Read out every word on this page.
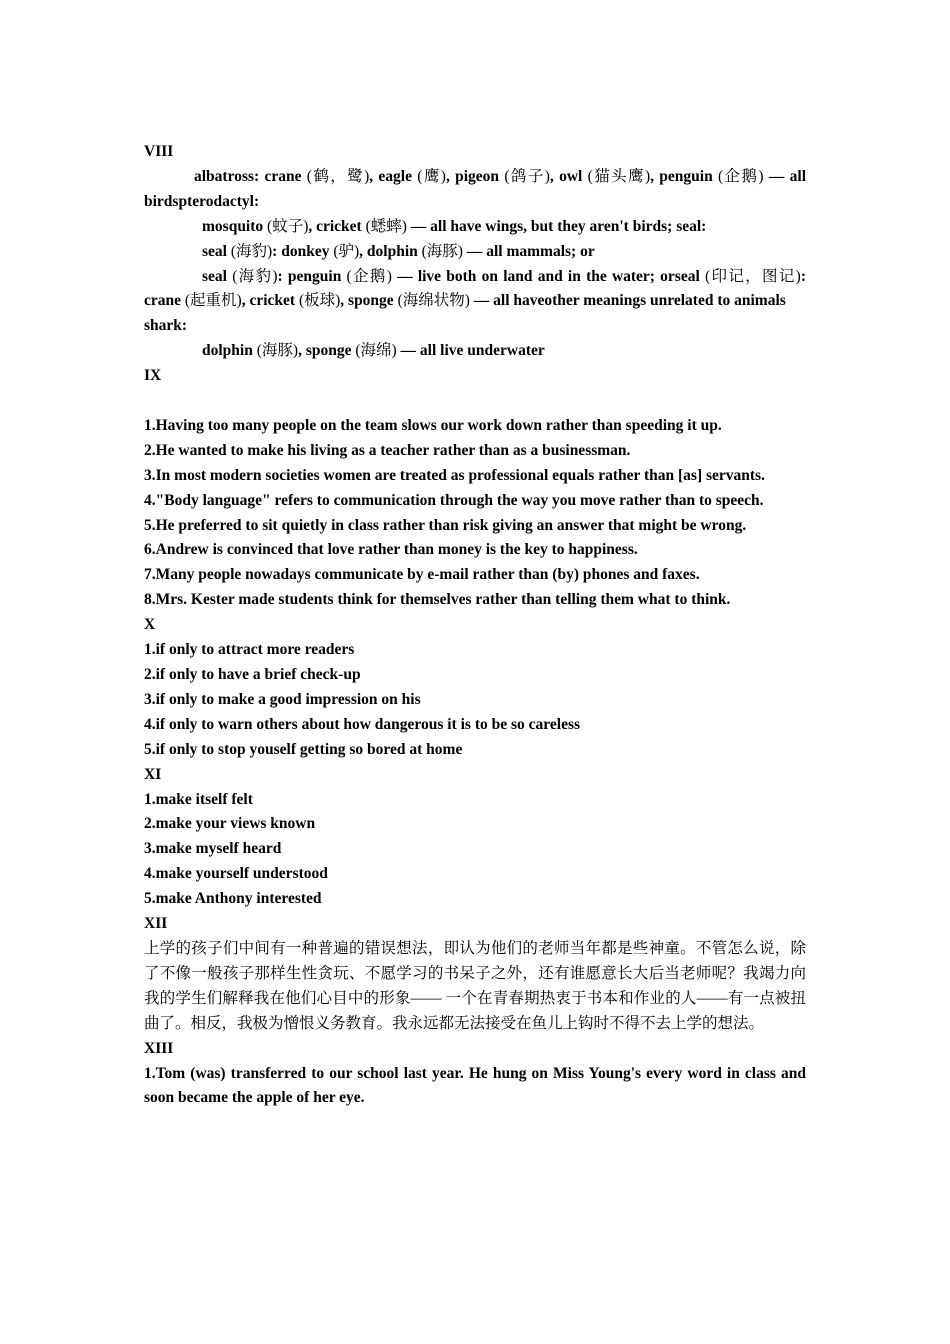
VIII
albatross: crane (鹤，鹭), eagle (鹰), pigeon (鸽子), owl (猫头鹰), penguin (企鹅) — all birdspterodactyl:
mosquito (蚊子), cricket (蟋蟀) — all have wings, but they aren't birds; seal:
seal (海豹): donkey (驴), dolphin (海豚) — all mammals; or
seal (海豹): penguin (企鹅) — live both on land and in the water; orseal (印记，图记): crane (起重机), cricket (板球), sponge (海绵状物) — all haveother meanings unrelated to animals
shark:
dolphin (海豚), sponge (海绵) — all live underwater
IX
1.Having too many people on the team slows our work down rather than speeding it up.
2.He wanted to make his living as a teacher rather than as a businessman.
3.In most modern societies women are treated as professional equals rather than [as] servants.
4."Body language" refers to communication through the way you move rather than to speech.
5.He preferred to sit quietly in class rather than risk giving an answer that might be wrong.
6.Andrew is convinced that love rather than money is the key to happiness.
7.Many people nowadays communicate by e-mail rather than (by) phones and faxes.
8.Mrs. Kester made students think for themselves rather than telling them what to think.
X
1.if only to attract more readers
2.if only to have a brief check-up
3.if only to make a good impression on his
4.if only to warn others about how dangerous it is to be so careless
5.if only to stop youself getting so bored at home
XI
1.make itself felt
2.make your views known
3.make myself heard
4.make yourself understood
5.make Anthony interested
XII
上学的孩子们中间有一种普遍的错误想法，即认为他们的老师当年都是些神童。不管怎么说，除了不像一般孩子那样生性贪玩、不愿学习的书呆子之外，还有谁愿意长大后当老师呢？我竭力向我的学生们解释我在他们心目中的形象—— 一个在青春期热衷于书本和作业的人——有一点被扭曲了。相反，我极为憎恨义务教育。我永远都无法接受在鱼儿上钩时不得不去上学的想法。
XIII
1.Tom (was) transferred to our school last year. He hung on Miss Young's every word in class and soon became the apple of her eye.
